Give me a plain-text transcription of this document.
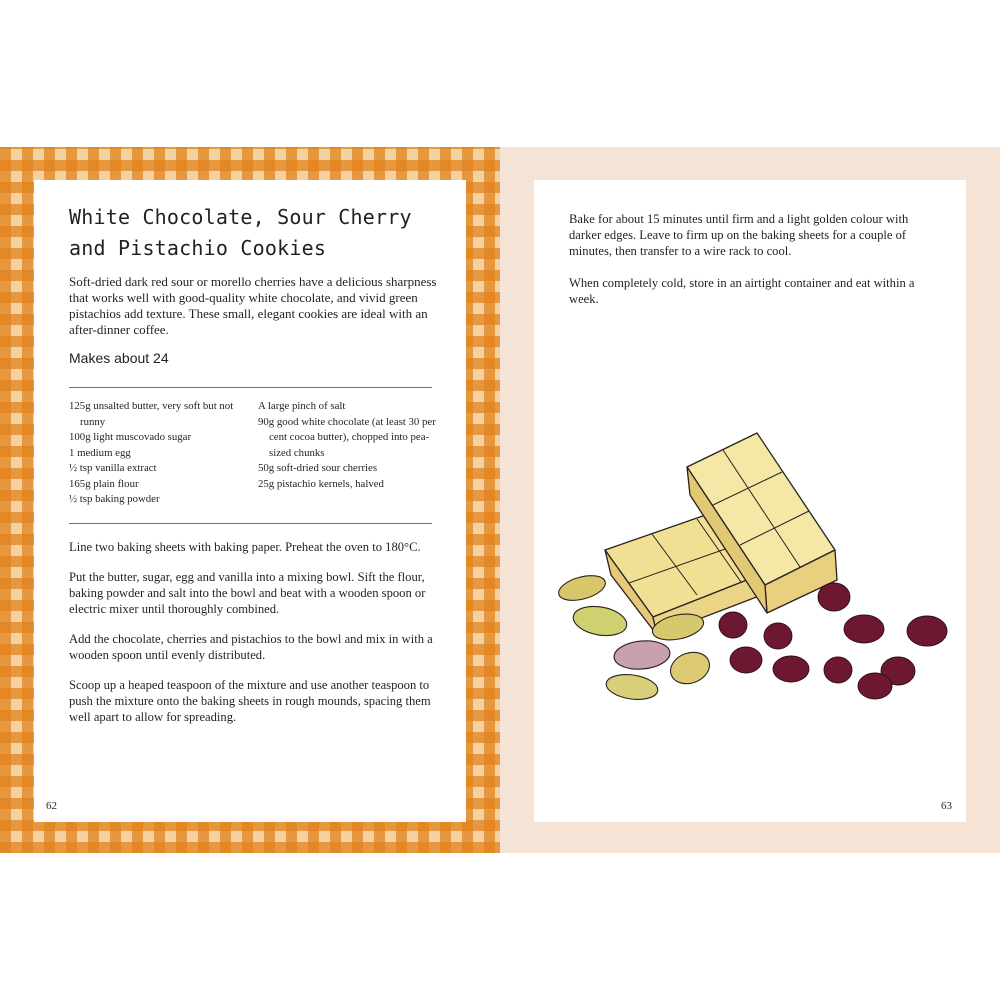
White Chocolate, Sour Cherry and Pistachio Cookies

Soft-dried dark red sour or morello cherries have a delicious sharpness that works well with good-quality white chocolate, and vivid green pistachios add texture. These small, elegant cookies are ideal with an after-dinner coffee.

Makes about 24
125g unsalted butter, very soft but not runny
100g light muscovado sugar
1 medium egg
½ tsp vanilla extract
165g plain flour
½ tsp baking powder
A large pinch of salt
90g good white chocolate (at least 30 per cent cocoa butter), chopped into pea-sized chunks
50g soft-dried sour cherries
25g pistachio kernels, halved

Line two baking sheets with baking paper. Preheat the oven to 180°C.

Put the butter, sugar, egg and vanilla into a mixing bowl. Sift the flour, baking powder and salt into the bowl and beat with a wooden spoon or electric mixer until thoroughly combined.

Add the chocolate, cherries and pistachios to the bowl and mix in with a wooden spoon until evenly distributed.

Scoop up a heaped teaspoon of the mixture and use another teaspoon to push the mixture onto the baking sheets in rough mounds, spacing them well apart to allow for spreading.

62

Bake for about 15 minutes until firm and a light golden colour with darker edges. Leave to firm up on the baking sheets for a couple of minutes, then transfer to a wire rack to cool.

When completely cold, store in an airtight container and eat within a week.

63
